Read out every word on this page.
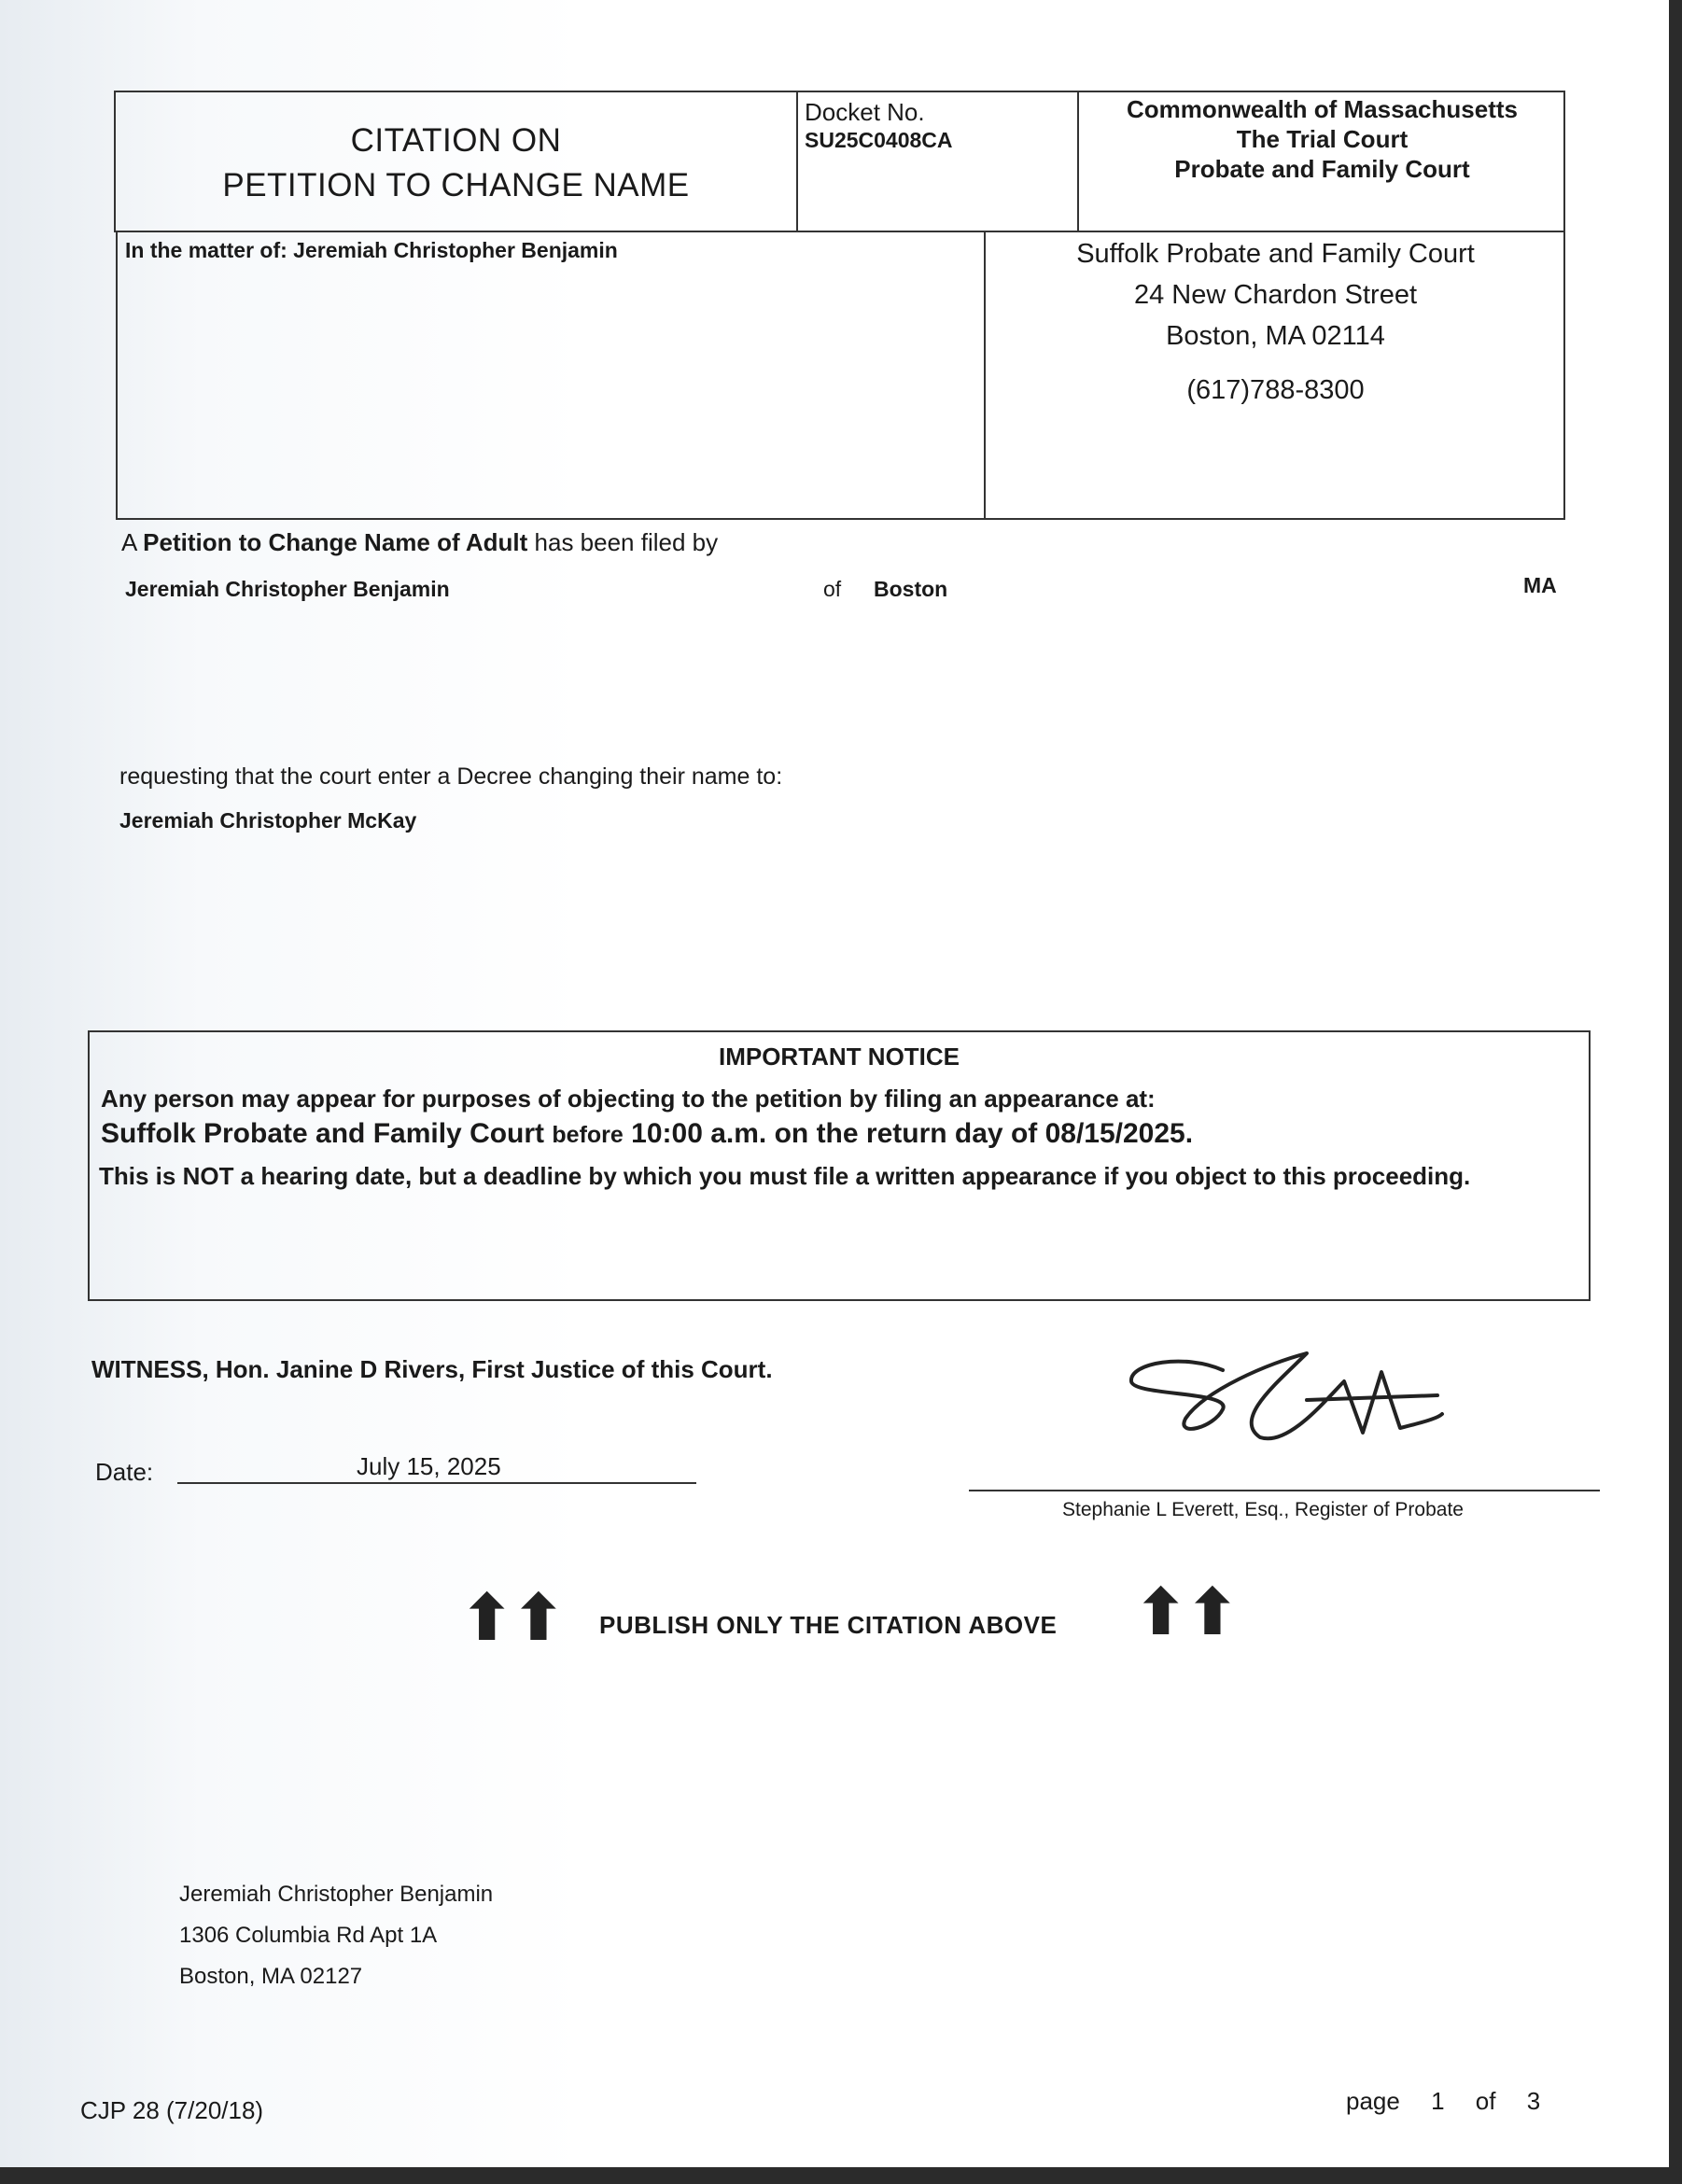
CITATION ON
PETITION TO CHANGE NAME
Docket No.
SU25C0408CA
Commonwealth of Massachusetts
The Trial Court
Probate and Family Court
In the matter of: Jeremiah Christopher Benjamin	Suffolk Probate and Family Court
24 New Chardon Street
Boston, MA 02114
(617)788-8300
A Petition to Change Name of Adult has been filed by
Jeremiah Christopher Benjamin	of Boston	MA
requesting that the court enter a Decree changing their name to:
Jeremiah Christopher McKay
IMPORTANT NOTICE
Any person may appear for purposes of objecting to the petition by filing an appearance at:
Suffolk Probate and Family Court before 10:00 a.m. on the return day of 08/15/2025.
This is NOT a hearing date, but a deadline by which you must file a written appearance if you object to this proceeding.
WITNESS, Hon. Janine D Rivers, First Justice of this Court.
Date:	July 15, 2025
Stephanie L Everett, Esq., Register of Probate
⬆⬆ PUBLISH ONLY THE CITATION ABOVE ⬆⬆
Jeremiah Christopher Benjamin
1306 Columbia Rd Apt 1A
Boston, MA 02127
CJP 28 (7/20/18)	page 1 of 3
